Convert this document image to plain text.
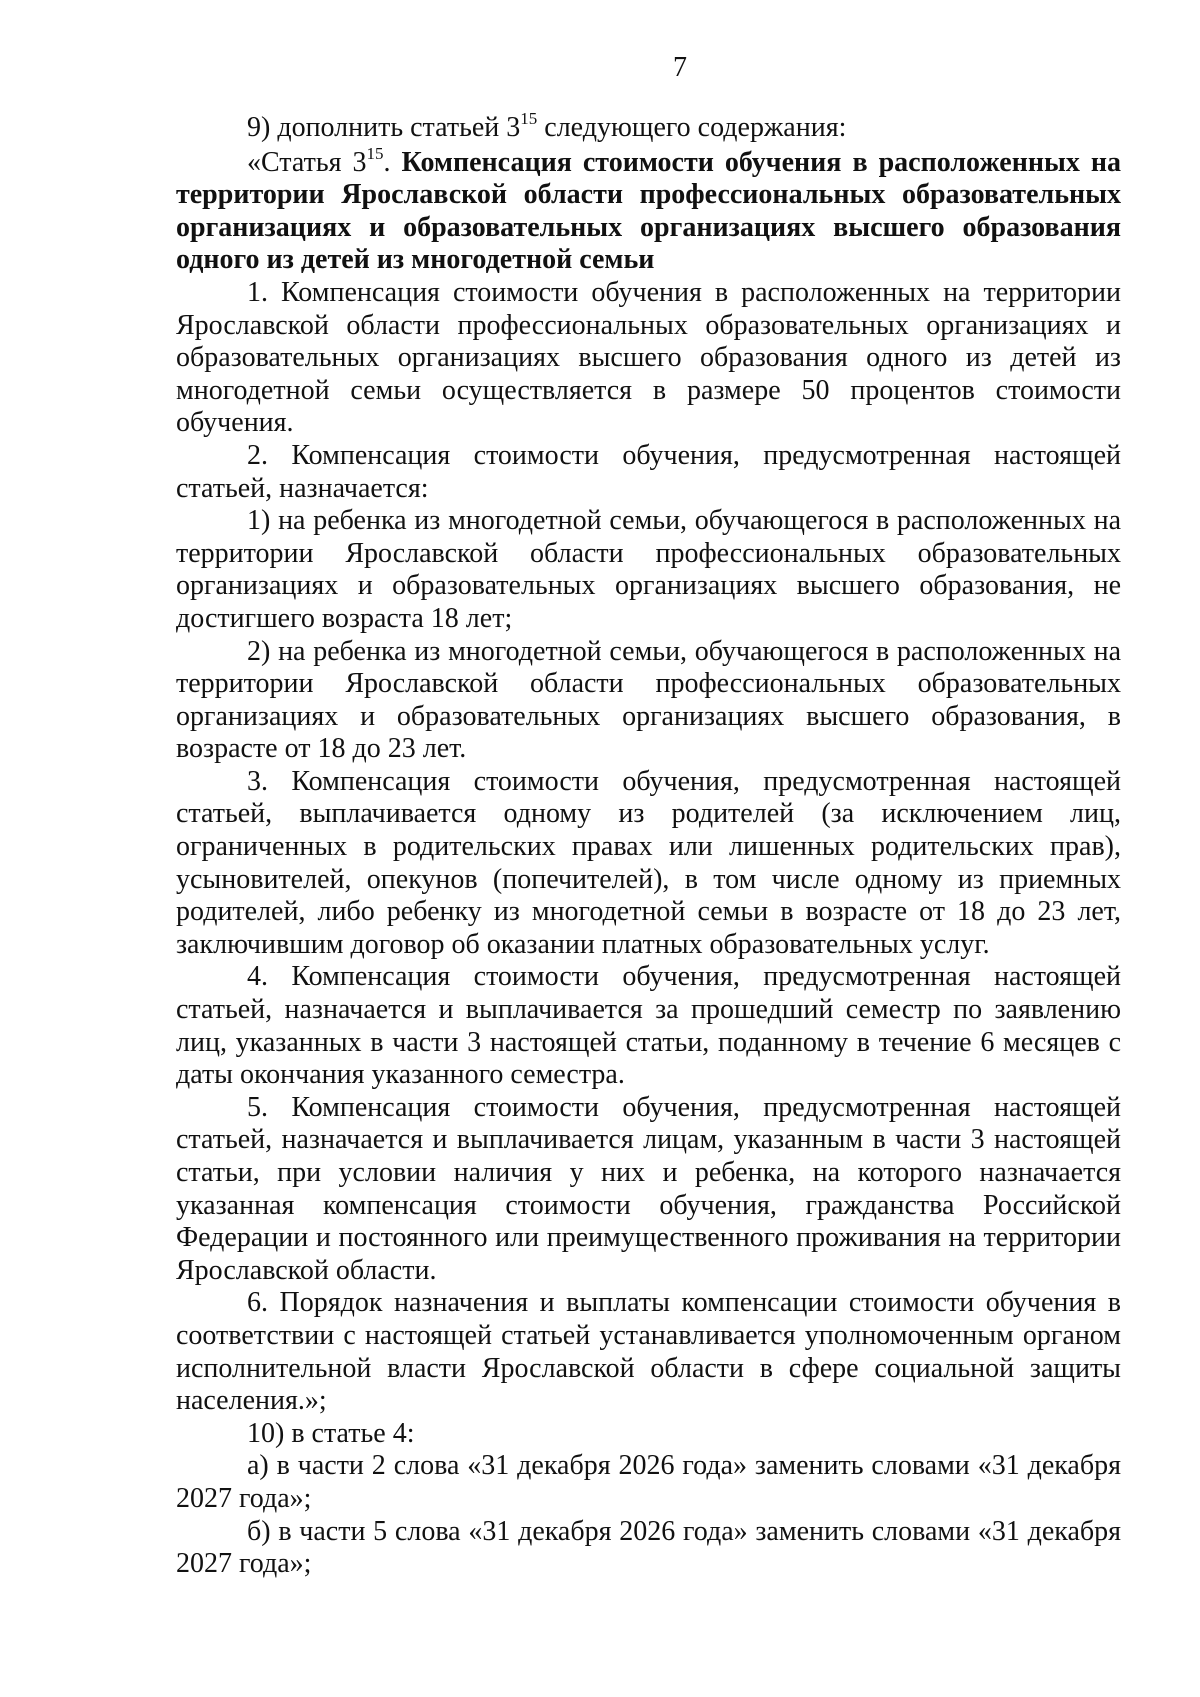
7

9) дополнить статьей $3^{15}$ следующего содержания:

«Статья $3^{15}$. Компенсация стоимости обучения в расположенных на территории Ярославской области профессиональных образовательных организациях и образовательных организациях высшего образования одного из детей из многодетной семьи

1. Компенсация стоимости обучения в расположенных на территории Ярославской области профессиональных образовательных организациях и образовательных организациях высшего образования одного из детей из многодетной семьи осуществляется в размере 50 процентов стоимости обучения.

2. Компенсация стоимости обучения, предусмотренная настоящей статьей, назначается:

1) на ребенка из многодетной семьи, обучающегося в расположенных на территории Ярославской области профессиональных образовательных организациях и образовательных организациях высшего образования, не достигшего возраста 18 лет;

2) на ребенка из многодетной семьи, обучающегося в расположенных на территории Ярославской области профессиональных образовательных организациях и образовательных организациях высшего образования, в возрасте от 18 до 23 лет.

3. Компенсация стоимости обучения, предусмотренная настоящей статьей, выплачивается одному из родителей (за исключением лиц, ограниченных в родительских правах или лишенных родительских прав), усыновителей, опекунов (попечителей), в том числе одному из приемных родителей, либо ребенку из многодетной семьи в возрасте от 18 до 23 лет, заключившим договор об оказании платных образовательных услуг.

4. Компенсация стоимости обучения, предусмотренная настоящей статьей, назначается и выплачивается за прошедший семестр по заявлению лиц, указанных в части 3 настоящей статьи, поданному в течение 6 месяцев с даты окончания указанного семестра.

5. Компенсация стоимости обучения, предусмотренная настоящей статьей, назначается и выплачивается лицам, указанным в части 3 настоящей статьи, при условии наличия у них и ребенка, на которого назначается указанная компенсация стоимости обучения, гражданства Российской Федерации и постоянного или преимущественного проживания на территории Ярославской области.

6. Порядок назначения и выплаты компенсации стоимости обучения в соответствии с настоящей статьей устанавливается уполномоченным органом исполнительной власти Ярославской области в сфере социальной защиты населения.»;

10) в статье 4:

а) в части 2 слова «31 декабря 2026 года» заменить словами «31 декабря 2027 года»;

б) в части 5 слова «31 декабря 2026 года» заменить словами «31 декабря 2027 года»;
